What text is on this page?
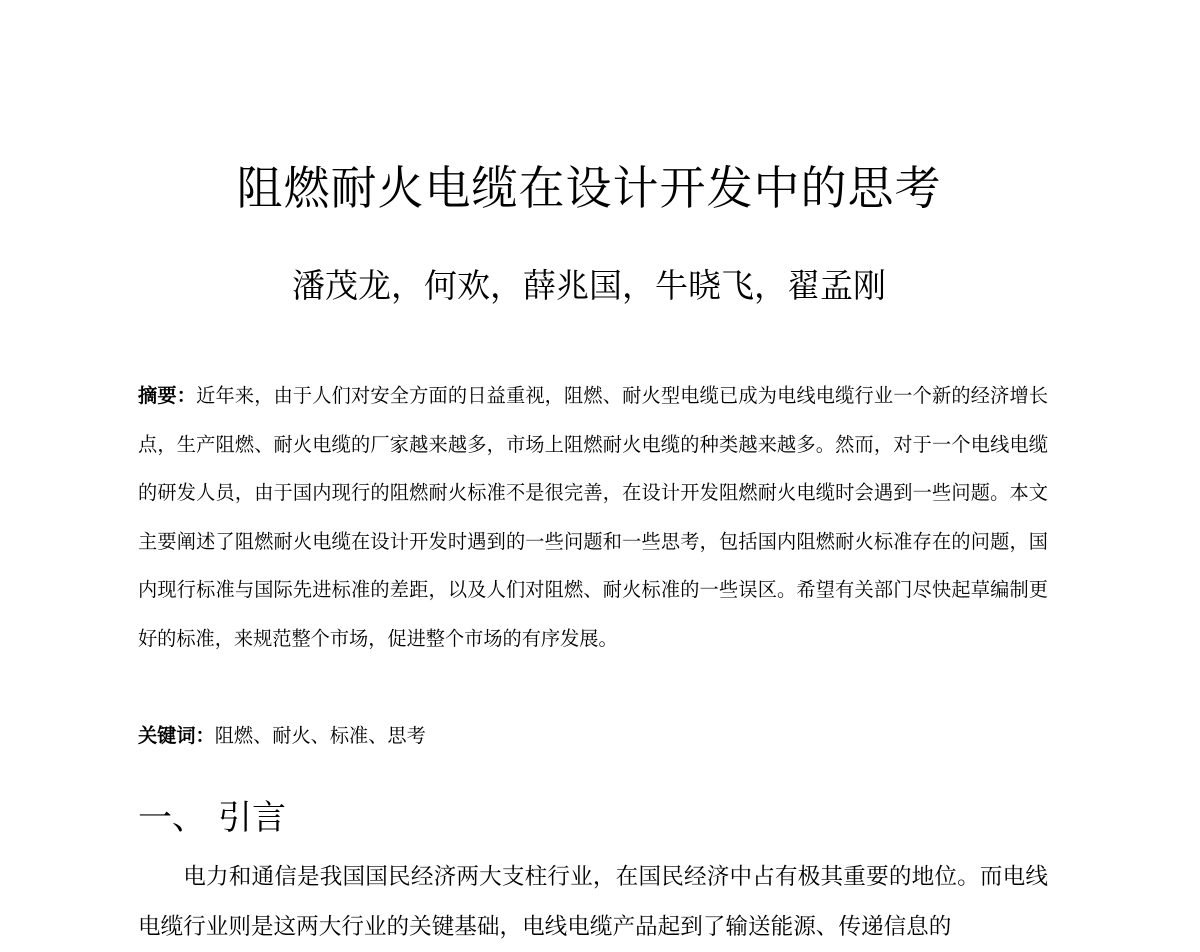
阻燃耐火电缆在设计开发中的思考
潘茂龙，何欢，薛兆国，牛晓飞，翟孟刚
摘要：近年来，由于人们对安全方面的日益重视，阻燃、耐火型电缆已成为电线电缆行业一个新的经济增长点，生产阻燃、耐火电缆的厂家越来越多，市场上阻燃耐火电缆的种类越来越多。然而，对于一个电线电缆的研发人员，由于国内现行的阻燃耐火标准不是很完善，在设计开发阻燃耐火电缆时会遇到一些问题。本文主要阐述了阻燃耐火电缆在设计开发时遇到的一些问题和一些思考，包括国内阻燃耐火标准存在的问题，国内现行标准与国际先进标准的差距，以及人们对阻燃、耐火标准的一些误区。希望有关部门尽快起草编制更好的标准，来规范整个市场，促进整个市场的有序发展。
关键词：阻燃、耐火、标准、思考
一、 引言
电力和通信是我国国民经济两大支柱行业，在国民经济中占有极其重要的地位。而电线电缆行业则是这两大行业的关键基础，电线电缆产品起到了输送能源、传递信息的
